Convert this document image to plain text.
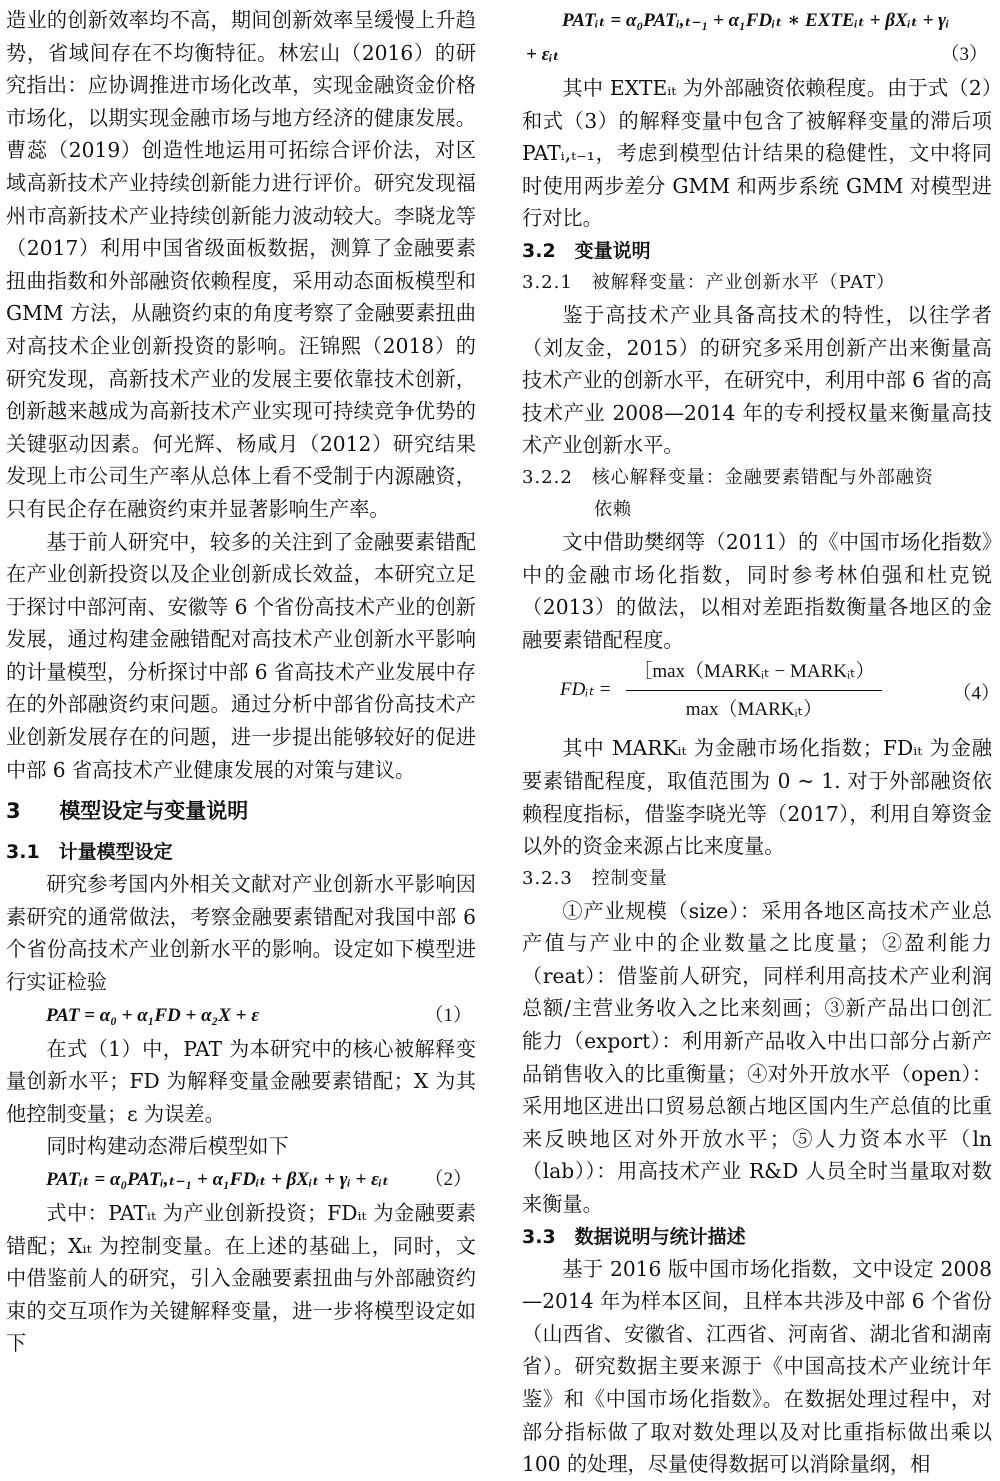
造业的创新效率均不高，期间创新效率呈缓慢上升趋势，省域间存在不均衡特征。林宏山（2016）的研究指出：应协调推进市场化改革，实现金融资金价格市场化，以期实现金融市场与地方经济的健康发展。曹蕊（2019）创造性地运用可拓综合评价法，对区域高新技术产业持续创新能力进行评价。研究发现福州市高新技术产业持续创新能力波动较大。李晓龙等（2017）利用中国省级面板数据，测算了金融要素扭曲指数和外部融资依赖程度，采用动态面板模型和 GMM 方法，从融资约束的角度考察了金融要素扭曲对高技术企业创新投资的影响。汪锦熙（2018）的研究发现，高新技术产业的发展主要依靠技术创新，创新越来越成为高新技术产业实现可持续竞争优势的关键驱动因素。何光辉、杨咸月（2012）研究结果发现上市公司生产率从总体上看不受制于内源融资，只有民企存在融资约束并显著影响生产率。

基于前人研究中，较多的关注到了金融要素错配在产业创新投资以及企业创新成长效益，本研究立足于探讨中部河南、安徽等 6 个省份高技术产业的创新发展，通过构建金融错配对高技术产业创新水平影响的计量模型，分析探讨中部 6 省高技术产业发展中存在的外部融资约束问题。通过分析中部省份高技术产业创新发展存在的问题，进一步提出能够较好的促进中部 6 省高技术产业健康发展的对策与建议。

3 模型设定与变量说明
3.1 计量模型设定

研究参考国内外相关文献对产业创新水平影响因素研究的通常做法，考察金融要素错配对我国中部 6 个省份高技术产业创新水平的影响。设定如下模型进行实证检验

PAT = α₀ + α₁FD + α₂X + ε	（1）

在式（1）中，PAT 为本研究中的核心被解释变量创新水平；FD 为解释变量金融要素错配；X 为其他控制变量；ε 为误差。

同时构建动态滞后模型如下

PATᵢₜ = α₀PATᵢ,ₜ₋₁ + α₁FDᵢₜ + βXᵢₜ + γᵢ + εᵢₜ （2）

式中：PATᵢₜ 为产业创新投资；FDᵢₜ 为金融要素错配；Xᵢₜ 为控制变量。在上述的基础上，同时，文中借鉴前人的研究，引入金融要素扭曲与外部融资约束的交互项作为关键解释变量，进一步将模型设定如下

PATᵢₜ = α₀PATᵢ,ₜ₋₁ + α₁FDᵢₜ ∗ EXTEᵢₜ + βXᵢₜ + γᵢ
+ εᵢₜ	（3）

其中 EXTEᵢₜ 为外部融资依赖程度。由于式（2）和式（3）的解释变量中包含了被解释变量的滞后项 PATᵢ,ₜ₋₁，考虑到模型估计结果的稳健性，文中将同时使用两步差分 GMM 和两步系统 GMM 对模型进行对比。

3.2 变量说明
3.2.1　被解释变量：产业创新水平（PAT）

鉴于高技术产业具备高技术的特性，以往学者（刘友金，2015）的研究多采用创新产出来衡量高技术产业的创新水平，在研究中，利用中部 6 省的高技术产业 2008—2014 年的专利授权量来衡量高技术产业创新水平。

3.2.2　核心解释变量：金融要素错配与外部融资
依赖

文中借助樊纲等（2011）的《中国市场化指数》中的金融市场化指数，同时参考林伯强和杜克锐（2013）的做法，以相对差距指数衡量各地区的金融要素错配程度。

FDᵢₜ =
［max（MARKᵢₜ − MARKᵢₜ）
max（MARKᵢₜ）
（4）

其中 MARKᵢₜ 为金融市场化指数；FDᵢₜ 为金融要素错配程度，取值范围为 0 ~ 1. 对于外部融资依赖程度指标，借鉴李晓光等（2017），利用自筹资金以外的资金来源占比来度量。

3.2.3　控制变量

①产业规模（size）：采用各地区高技术产业总产值与产业中的企业数量之比度量；②盈利能力（reat）：借鉴前人研究，同样利用高技术产业利润总额/主营业务收入之比来刻画；③新产品出口创汇能力（export）：利用新产品收入中出口部分占新产品销售收入的比重衡量；④对外开放水平（open）：采用地区进出口贸易总额占地区国内生产总值的比重来反映地区对外开放水平；⑤人力资本水平（ln（lab））：用高技术产业 R&D 人员全时当量取对数来衡量。

3.3 数据说明与统计描述

基于 2016 版中国市场化指数，文中设定 2008—2014 年为样本区间，且样本共涉及中部 6 个省份（山西省、安徽省、江西省、河南省、湖北省和湖南省）。研究数据主要来源于《中国高技术产业统计年鉴》和《中国市场化指数》。在数据处理过程中，对部分指标做了取对数处理以及对比重指标做出乘以 100 的处理，尽量使得数据可以消除量纲，相
